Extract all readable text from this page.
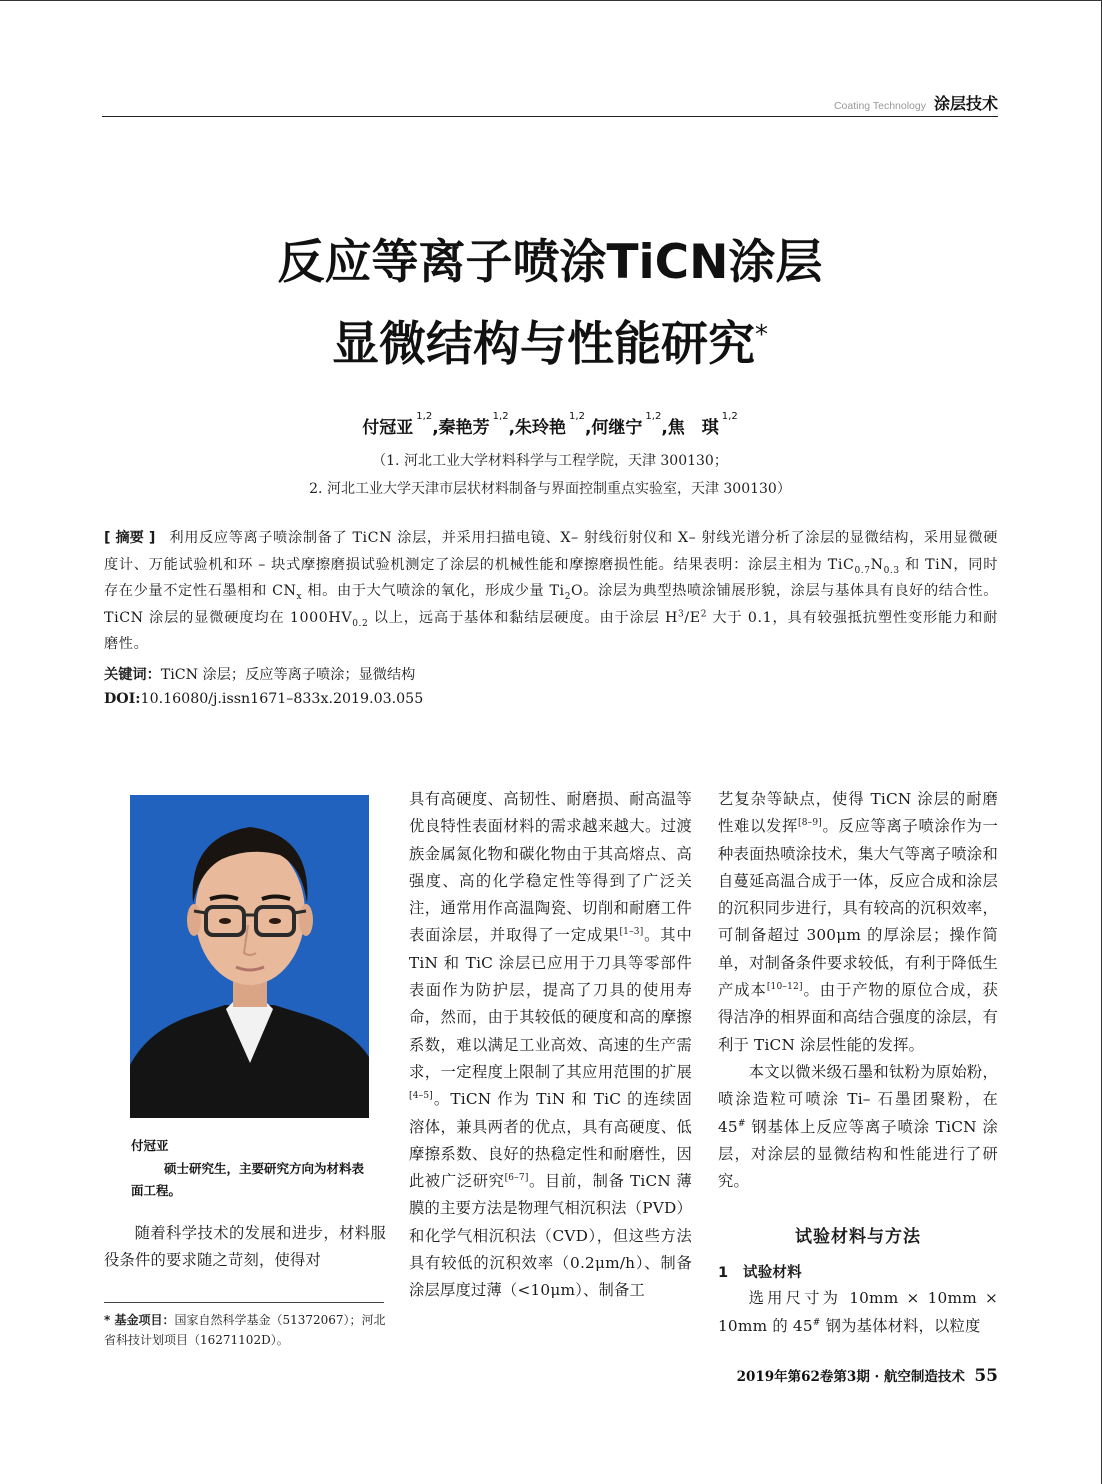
Coating Technology 涂层技术
反应等离子喷涂TiCN涂层
显微结构与性能研究*
付冠亚$^{1,2}$,秦艳芳$^{1,2}$,朱玲艳$^{1,2}$,何继宁$^{1,2}$,焦　琪$^{1,2}$
（1. 河北工业大学材料科学与工程学院，天津 300130；
2. 河北工业大学天津市层状材料制备与界面控制重点实验室，天津 300130）
[ 摘要 ] 利用反应等离子喷涂制备了 TiCN 涂层，并采用扫描电镜、X– 射线衍射仪和 X– 射线光谱分析了涂层的显微结构，采用显微硬度计、万能试验机和环 – 块式摩擦磨损试验机测定了涂层的机械性能和摩擦磨损性能。结果表明：涂层主相为 $TiC_{0.7}N_{0.3}$ 和 TiN，同时存在少量不定性石墨相和 $CN_x$ 相。由于大气喷涂的氧化，形成少量 $Ti_2O$。涂层为典型热喷涂铺展形貌，涂层与基体具有良好的结合性。TiCN 涂层的显微硬度均在 $1000HV_{0.2}$ 以上，远高于基体和黏结层硬度。由于涂层 $H^3/E^2$ 大于 0.1，具有较强抵抗塑性变形能力和耐磨性。
关键词：TiCN 涂层；反应等离子喷涂；显微结构
DOI:10.16080/j.issn1671–833x.2019.03.055
付冠亚
硕士研究生，主要研究方向为材料表面工程。

随着科学技术的发展和进步，材料服役条件的要求随之苛刻，使得对

* 基金项目：国家自然科学基金（51372067）；河北省科技计划项目（16271102D）。

具有高硬度、高韧性、耐磨损、耐高温等优良特性表面材料的需求越来越大。过渡族金属氮化物和碳化物由于其高熔点、高强度、高的化学稳定性等得到了广泛关注，通常用作高温陶瓷、切削和耐磨工件表面涂层，并取得了一定成果[1–3]。其中 TiN 和 TiC 涂层已应用于刀具等零部件表面作为防护层，提高了刀具的使用寿命，然而，由于其较低的硬度和高的摩擦系数，难以满足工业高效、高速的生产需求，一定程度上限制了其应用范围的扩展[4–5]。TiCN 作为 TiN 和 TiC 的连续固溶体，兼具两者的优点，具有高硬度、低摩擦系数、良好的热稳定性和耐磨性，因此被广泛研究[6–7]。目前，制备 TiCN 薄膜的主要方法是物理气相沉积法（PVD）和化学气相沉积法（CVD），但这些方法具有较低的沉积效率（0.2μm/h）、制备涂层厚度过薄（<10μm）、制备工

艺复杂等缺点，使得 TiCN 涂层的耐磨性难以发挥[8–9]。反应等离子喷涂作为一种表面热喷涂技术，集大气等离子喷涂和自蔓延高温合成于一体，反应合成和涂层的沉积同步进行，具有较高的沉积效率，可制备超过 300μm 的厚涂层；操作简单，对制备条件要求较低，有利于降低生产成本[10–12]。由于产物的原位合成，获得洁净的相界面和高结合强度的涂层，有利于 TiCN 涂层性能的发挥。

本文以微米级石墨和钛粉为原始粉，喷涂造粒可喷涂 Ti– 石墨团聚粉，在 45# 钢基体上反应等离子喷涂 TiCN 涂层，对涂层的显微结构和性能进行了研究。

试验材料与方法
1　试验材料

选用尺寸为 10mm × 10mm × 10mm 的 45# 钢为基体材料，以粒度

2019年第62卷第3期 · 航空制造技术 55
